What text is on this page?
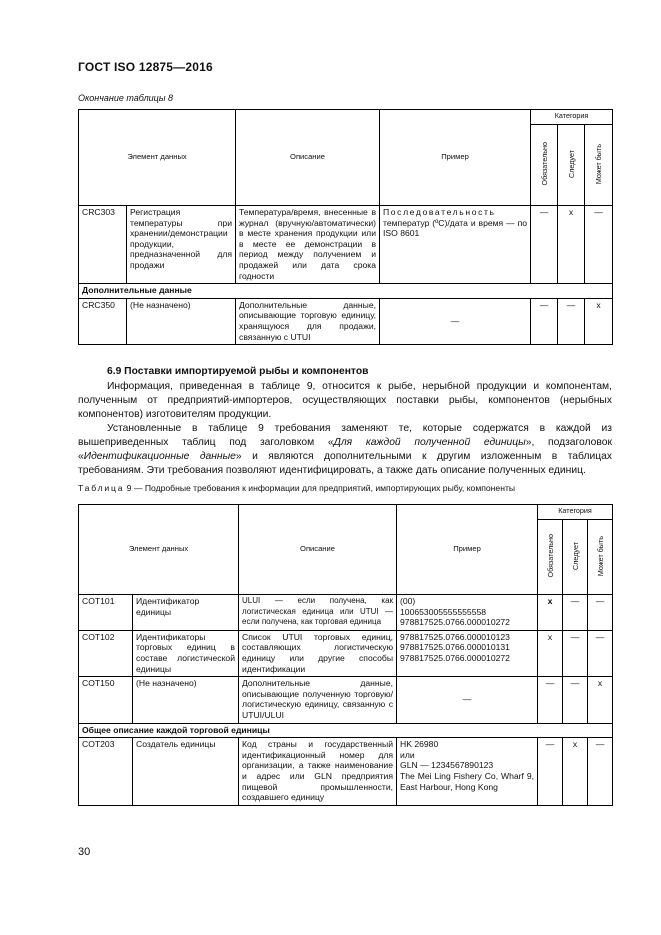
ГОСТ ISO 12875—2016
Окончание таблицы 8
Элемент данных		Описание	Пример	Категория		
				Обязательно	Следует	Может быть
CRC303	Регистрация температуры при хранении/демонстрации продукции, предназначенной для продажи	Температура/время, внесенные в журнал (вручную/автоматически) в месте хранения продукции или в месте ее демонстрации в период между получением и продажей или дата срока годности	Последовательность температур (ºС)/дата и время — по ISO 8601	—	x	—
Дополнительные данные						
CRC350	(Не назначено)	Дополнительные данные, описывающие торговую единицу, хранящуюся для продажи, связанную с UTUI	—	—	—	x
6.9 Поставки импортируемой рыбы и компонентов

Информация, приведенная в таблице 9, относится к рыбе, нерыбной продукции и компонентам, полученным от предприятий-импортеров, осуществляющих поставки рыбы, компонентов (нерыбных компонентов) изготовителям продукции.

Установленные в таблице 9 требования заменяют те, которые содержатся в каждой из вышеприведенных таблиц под заголовком «Для каждой полученной единицы», подзаголовок «Идентификационные данные» и являются дополнительными к другим изложенным в таблицах требованиям. Эти требования позволяют идентифицировать, а также дать описание полученных единиц.

Таблица 9 — Подробные требования к информации для предприятий, импортирующих рыбу, компоненты
Элемент данных		Описание	Пример	Категория		
				Обязательно	Следует	Может быть
COT101	Идентификатор единицы	ULUI — если получена, как логистическая единица или UTUI — если получена, как торговая единица	(00)
100653005555555558
978817525.0766.000010272	x	—	—
COT102	Идентификаторы торговых единиц в составе логистической единицы	Список UTUI торговых единиц, составляющих логистическую единицу или другие способы идентификации	978817525.0766.000010123
978817525.0766.000010131
978817525.0766.000010272	x	—	—
COT150	(Не назначено)	Дополнительные данные, описывающие полученную торговую/логистическую единицу, связанную с UTUI/ULUI	—	—	—	x
Общее описание каждой торговой единицы						
COT203	Создатель единицы	Код страны и государственный идентификационный номер для организации, а также наименование и адрес или GLN предприятия пищевой промышленности, создавшего единицу	HK 26980
или
GLN — 1234567890123
The Mei Ling Fishery Co, Wharf 9, East Harbour, Hong Kong	—	x	—
30
